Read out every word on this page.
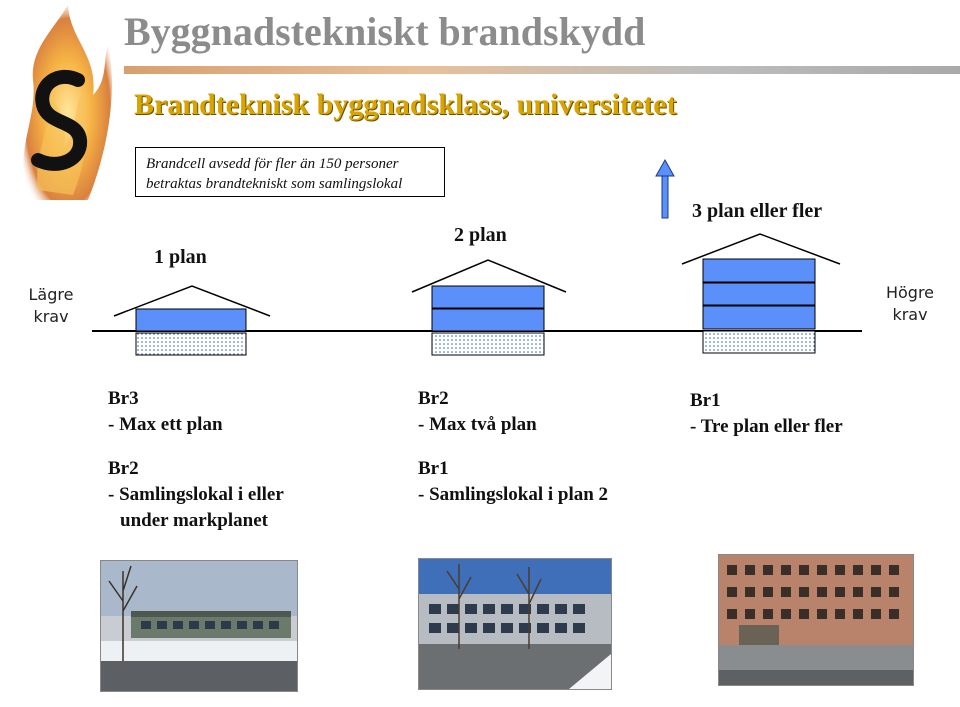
Byggnadstekniskt brandskydd
Brandteknisk byggnadsklass, universitetet
Brandcell avsedd för fler än 150 personer
betraktas brandtekniskt som samlingslokal
Lägre
krav
Högre
krav
1 plan
2 plan
3 plan eller fler
Br3
- Max ett plan
Br2
- Samlingslokal i eller
under markplanet
Br2
- Max två plan
Br1
- Samlingslokal i plan 2
Br1
- Tre plan eller fler
